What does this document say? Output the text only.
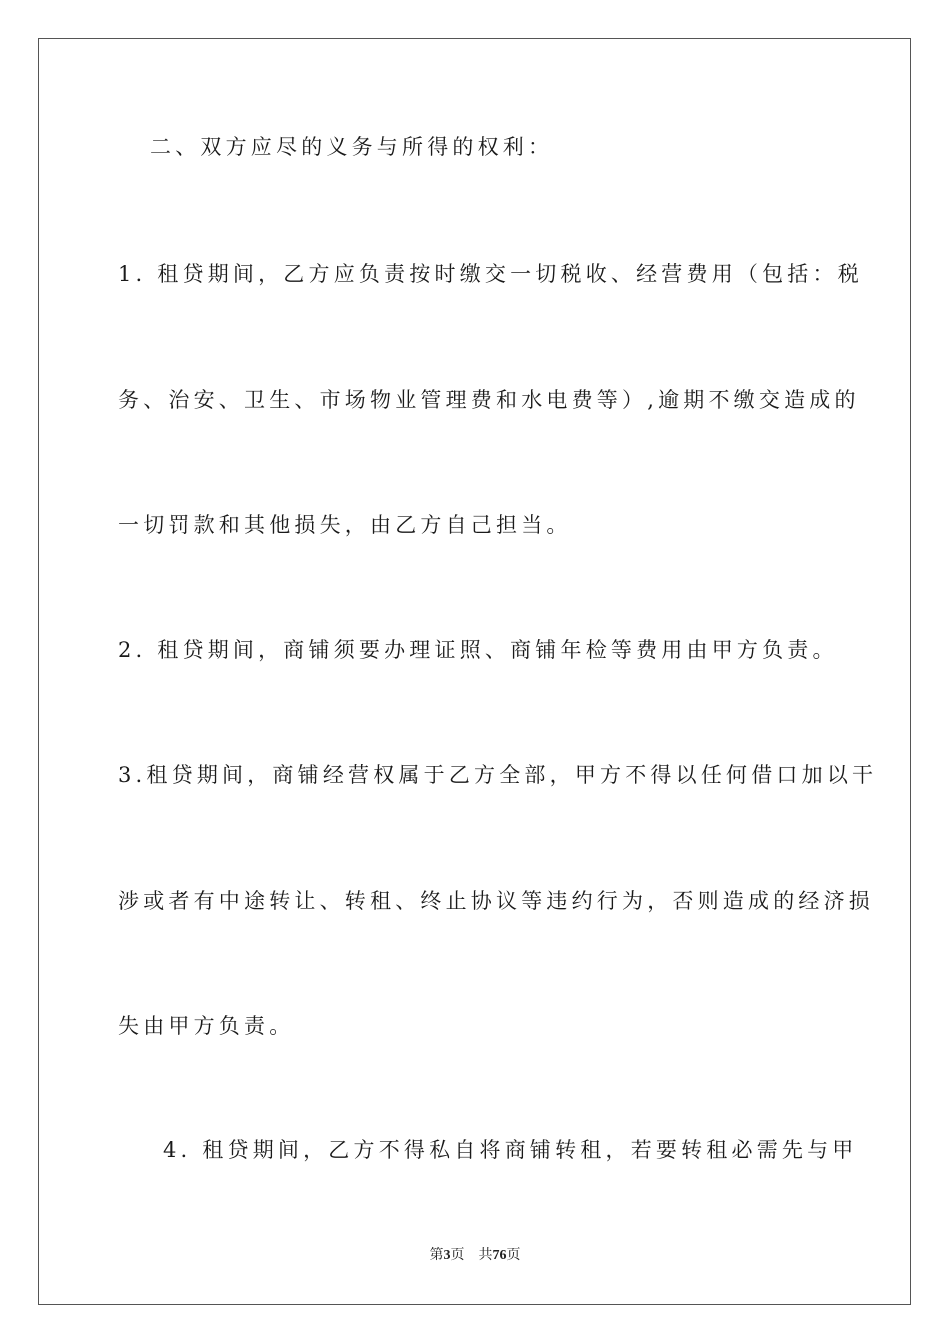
二、双方应尽的义务与所得的权利：
1. 租贷期间，乙方应负责按时缴交一切税收、经营费用（包括：税
务、治安、卫生、市场物业管理费和水电费等）,逾期不缴交造成的
一切罚款和其他损失，由乙方自己担当。
2. 租贷期间，商铺须要办理证照、商铺年检等费用由甲方负责。
3.租贷期间，商铺经营权属于乙方全部，甲方不得以任何借口加以干
涉或者有中途转让、转租、终止协议等违约行为，否则造成的经济损
失由甲方负责。
4. 租贷期间，乙方不得私自将商铺转租，若要转租必需先与甲
第3页 共76页
